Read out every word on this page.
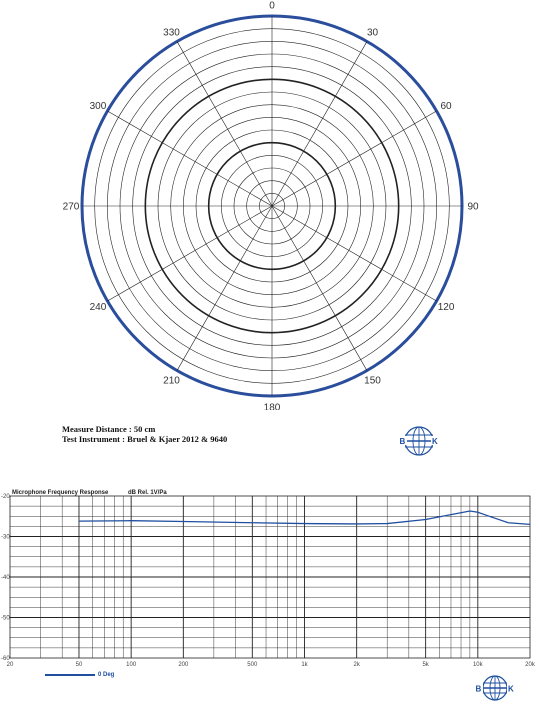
0
30
60
90
120
150
180
210
240
270
300
330
Measure Distance : 50 cm
Test Instrument : Bruel & Kjaer 2012 & 9640	B	K
20	50	100	200	500	1k	2k	5k	10k	20k
-20
-30
-40
-50
-60
Microphone Frequency Response	dB Rel. 1V/Pa
0 Deg
B	K
